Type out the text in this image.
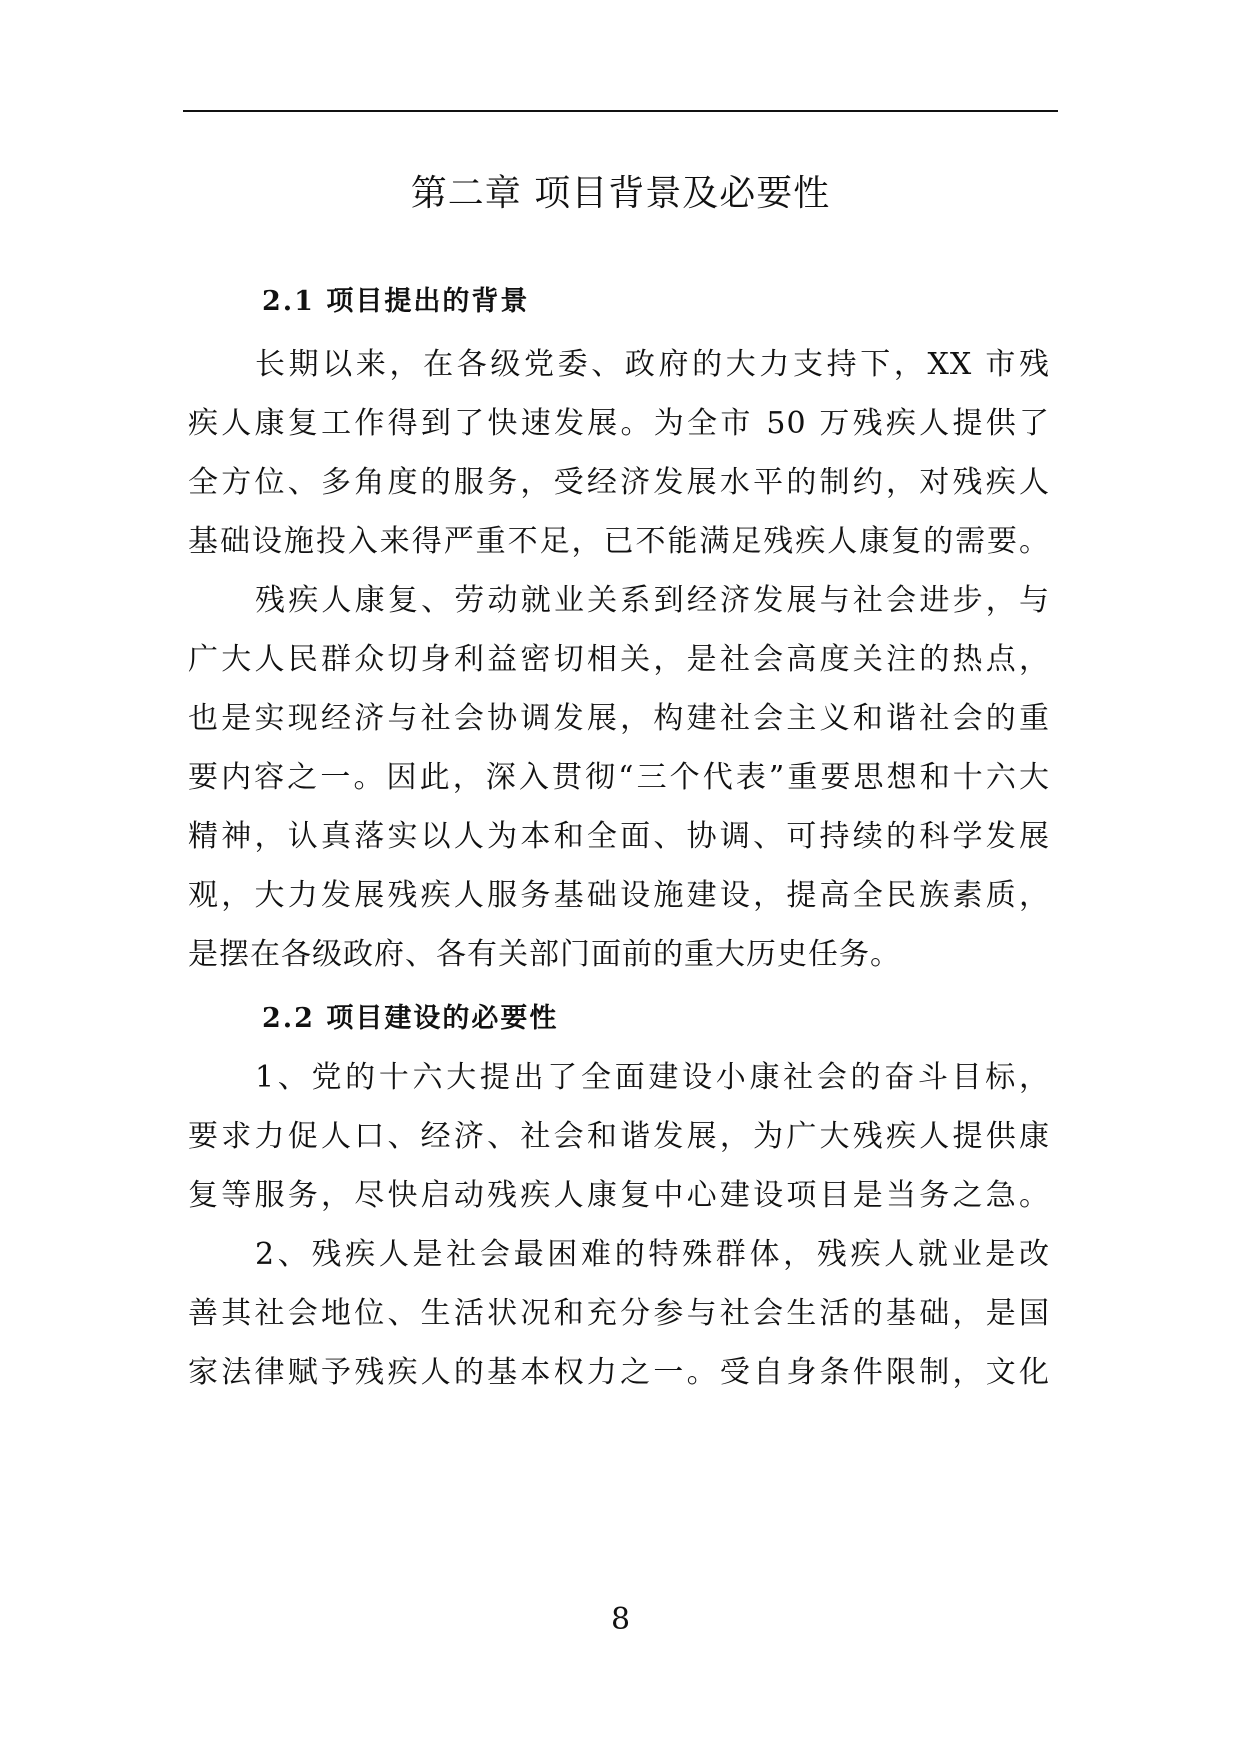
第二章 项目背景及必要性
2.1 项目提出的背景
长期以来，在各级党委、政府的大力支持下，XX 市残
疾人康复工作得到了快速发展。为全市 50 万残疾人提供了
全方位、多角度的服务，受经济发展水平的制约，对残疾人
基础设施投入来得严重不足，已不能满足残疾人康复的需要。
残疾人康复、劳动就业关系到经济发展与社会进步，与
广大人民群众切身利益密切相关，是社会高度关注的热点，
也是实现经济与社会协调发展，构建社会主义和谐社会的重
要内容之一。因此，深入贯彻“三个代表”重要思想和十六大
精神，认真落实以人为本和全面、协调、可持续的科学发展
观，大力发展残疾人服务基础设施建设，提高全民族素质，
是摆在各级政府、各有关部门面前的重大历史任务。
2.2 项目建设的必要性
1、党的十六大提出了全面建设小康社会的奋斗目标，
要求力促人口、经济、社会和谐发展，为广大残疾人提供康
复等服务，尽快启动残疾人康复中心建设项目是当务之急。
2、残疾人是社会最困难的特殊群体，残疾人就业是改
善其社会地位、生活状况和充分参与社会生活的基础，是国
家法律赋予残疾人的基本权力之一。受自身条件限制，文化
8
